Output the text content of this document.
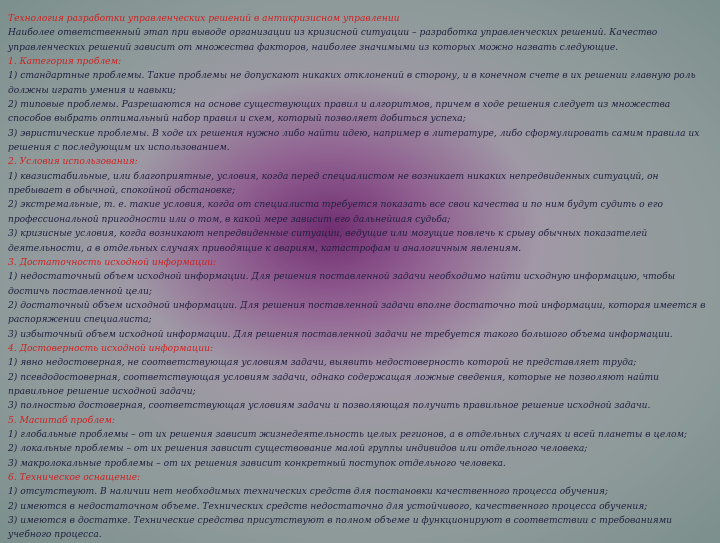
Технология разработки управленческих решений в антикризисном управлении
Наиболее ответственный этап при выводе организации из кризисной ситуации – разработка управленческих решений. Качество управленческих решений зависит от множества факторов, наиболее значимыми из которых можно назвать следующие.
1. Категория проблем:
1) стандартные проблемы. Такие проблемы не допускают никаких отклонений в сторону, и в конечном счете в их решении главную роль должны играть умения и навыки;
2) типовые проблемы. Разрешаются на основе существующих правил и алгоритмов, причем в ходе решения следует из множества способов выбрать оптимальный набор правил и схем, который позволяет добиться успеха;
3) эвристические проблемы. В ходе их решения нужно либо найти идею, например в литературе, либо сформулировать самим правила их решения с последующим их использованием.
2. Условия использования:
1) квазистабильные, или благоприятные, условия, когда перед специалистом не возникает никаких непредвиденных ситуаций, он пребывает в обычной, спокойной обстановке;
2) экстремальные, т. е. такие условия, когда от специалиста требуется показать все свои качества и по ним будут судить о его профессиональной пригодности или о том, в какой мере зависит его дальнейшая судьба;
3) кризисные условия, когда возникают непредвиденные ситуации, ведущие или могущие повлечь к срыву обычных показателей деятельности, а в отдельных случаях приводящие к авариям, катастрофам и аналогичным явлениям.
3. Достаточность исходной информации:
1) недостаточный объем исходной информации. Для решения поставленной задачи необходимо найти исходную информацию, чтобы достичь поставленной цели;
2) достаточный объем исходной информации. Для решения поставленной задачи вполне достаточно той информации, которая имеется в распоряжении специалиста;
3) избыточный объем исходной информации. Для решения поставленной задачи не требуется такого большого объема информации.
4. Достоверность исходной информации:
1) явно недостоверная, не соответствующая условиям задачи, выявить недостоверность которой не представляет труда;
2) псевдодостоверная, соответствующая условиям задачи, однако содержащая ложные сведения, которые не позволяют найти правильное решение исходной задачи;
3) полностью достоверная, соответствующая условиям задачи и позволяющая получить правильное решение исходной задачи.
5. Масштаб проблем:
1) глобальные проблемы – от их решения зависит жизнедеятельность целых регионов, а в отдельных случаях и всей планеты в целом;
2) локальные проблемы – от их решения зависит существование малой группы индивидов или отдельного человека;
3) макролокальные проблемы – от их решения зависит конкретный поступок отдельного человека.
6. Техническое оснащение:
1) отсутствуют. В наличии нет необходимых технических средств для постановки качественного процесса обучения;
2) имеются в недостаточном объеме. Технических средств недостаточно для устойчивого, качественного процесса обучения;
3) имеются в достатке. Технические средства присутствуют в полном объеме и функционируют в соответствии с требованиями учебного процесса.
